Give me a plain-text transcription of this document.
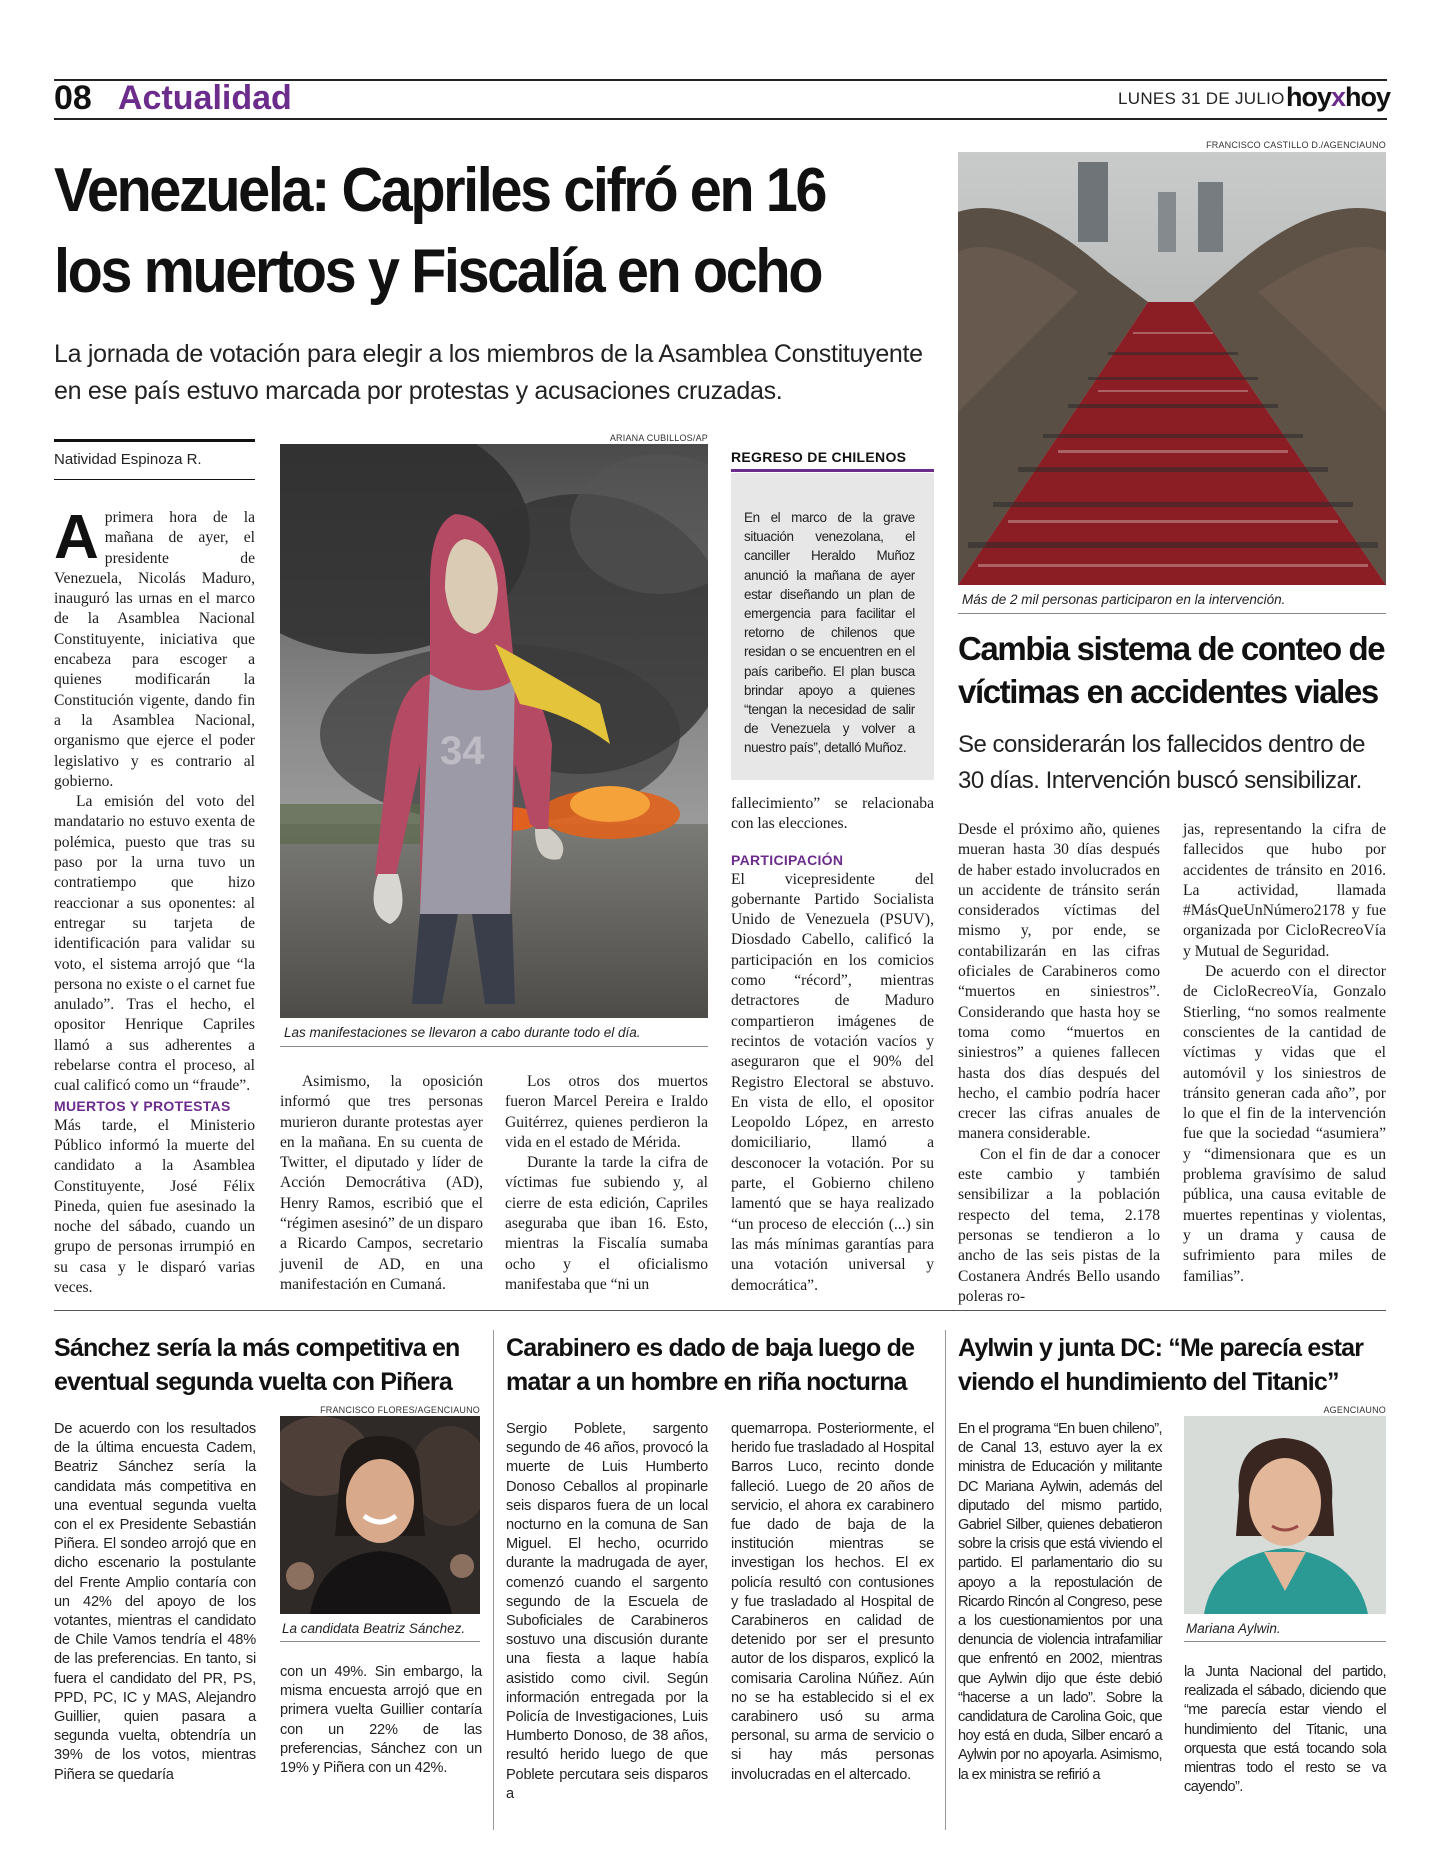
08 Actualidad	LUNES 31 DE JULIO hoyxhoy
Venezuela: Capriles cifró en 16 los muertos y Fiscalía en ocho

La jornada de votación para elegir a los miembros de la Asamblea Constituyente en ese país estuvo marcada por protestas y acusaciones cruzadas.

Natividad Espinoza R.

Aprimera hora de la mañana de ayer, el presidente de Venezuela, Nicolás Maduro, inauguró las urnas en el marco de la Asamblea Nacional Constituyente, iniciativa que encabeza para escoger a quienes modificarán la Constitución vigente, dando fin a la Asamblea Nacional, organismo que ejerce el poder legislativo y es contrario al gobierno.

La emisión del voto del mandatario no estuvo exenta de polémica, puesto que tras su paso por la urna tuvo un contratiempo que hizo reaccionar a sus oponentes: al entregar su tarjeta de identificación para validar su voto, el sistema arrojó que “la persona no existe o el carnet fue anulado”. Tras el hecho, el opositor Henrique Capriles llamó a sus adherentes a rebelarse contra el proceso, al cual calificó como un “fraude”.

MUERTOS Y PROTESTAS

Más tarde, el Ministerio Público informó la muerte del candidato a la Asamblea Constituyente, José Félix Pineda, quien fue asesinado la noche del sábado, cuando un grupo de personas irrumpió en su casa y le disparó varias veces.

ARIANA CUBILLOS/AP
34
Las manifestaciones se llevaron a cabo durante todo el día.

Asimismo, la oposición informó que tres personas murieron durante protestas ayer en la mañana. En su cuenta de Twitter, el diputado y líder de Acción Democrátiva (AD), Henry Ramos, escribió que el “régimen asesinó” de un disparo a Ricardo Campos, secretario juvenil de AD, en una manifestación en Cumaná.

Los otros dos muertos fueron Marcel Pereira e Iraldo Guitérrez, quienes perdieron la vida en el estado de Mérida.

Durante la tarde la cifra de víctimas fue subiendo y, al cierre de esta edición, Capriles aseguraba que iban 16. Esto, mientras la Fiscalía sumaba ocho y el oficialismo manifestaba que “ni un

REGRESO DE CHILENOS
En el marco de la grave situación venezolana, el canciller Heraldo Muñoz anunció la mañana de ayer estar diseñando un plan de emergencia para facilitar el retorno de chilenos que residan o se encuentren en el país caribeño. El plan busca brindar apoyo a quienes “tengan la necesidad de salir de Venezuela y volver a nuestro país”, detalló Muñoz.

fallecimiento” se relacionaba con las elecciones.

PARTICIPACIÓN

El vicepresidente del gobernante Partido Socialista Unido de Venezuela (PSUV), Diosdado Cabello, calificó la participación en los comicios como “récord”, mientras detractores de Maduro compartieron imágenes de recintos de votación vacíos y aseguraron que el 90% del Registro Electoral se abstuvo. En vista de ello, el opositor Leopoldo López, en arresto domiciliario, llamó a desconocer la votación. Por su parte, el Gobierno chileno lamentó que se haya realizado “un proceso de elección (...) sin las más mínimas garantías para una votación universal y democrática”.

FRANCISCO CASTILLO D./AGENCIAUNO
Más de 2 mil personas participaron en la intervención.
Cambia sistema de conteo de víctimas en accidentes viales

Se considerarán los fallecidos dentro de 30 días. Intervención buscó sensibilizar.

Desde el próximo año, quienes mueran hasta 30 días después de haber estado involucrados en un accidente de tránsito serán considerados víctimas del mismo y, por ende, se contabilizarán en las cifras oficiales de Carabineros como “muertos en siniestros”. Considerando que hasta hoy se toma como “muertos en siniestros” a quienes fallecen hasta dos días después del hecho, el cambio podría hacer crecer las cifras anuales de manera considerable.

Con el fin de dar a conocer este cambio y también sensibilizar a la población respecto del tema, 2.178 personas se tendieron a lo ancho de las seis pistas de la Costanera Andrés Bello usando poleras ro-

jas, representando la cifra de fallecidos que hubo por accidentes de tránsito en 2016. La actividad, llamada #MásQueUnNúmero2178 y fue organizada por CicloRecreoVía y Mutual de Seguridad.

De acuerdo con el director de CicloRecreoVía, Gonzalo Stierling, “no somos realmente conscientes de la cantidad de víctimas y vidas que el automóvil y los siniestros de tránsito generan cada año”, por lo que el fin de la intervención fue que la sociedad “asumiera” y “dimensionara que es un problema gravísimo de salud pública, una causa evitable de muertes repentinas y violentas, y un drama y causa de sufrimiento para miles de familias”.

Sánchez sería la más competitiva en eventual segunda vuelta con Piñera

De acuerdo con los resultados de la última encuesta Cadem, Beatriz Sánchez sería la candidata más competitiva en una eventual segunda vuelta con el ex Presidente Sebastián Piñera. El sondeo arrojó que en dicho escenario la postulante del Frente Amplio contaría con un 42% del apoyo de los votantes, mientras el candidato de Chile Vamos tendría el 48% de las preferencias. En tanto, si fuera el candidato del PR, PS, PPD, PC, IC y MAS, Alejandro Guillier, quien pasara a segunda vuelta, obtendría un 39% de los votos, mientras Piñera se quedaría

FRANCISCO FLORES/AGENCIAUNO
La candidata Beatriz Sánchez.

con un 49%. Sin embargo, la misma encuesta arrojó que en primera vuelta Guillier contaría con un 22% de las preferencias, Sánchez con un 19% y Piñera con un 42%.

Carabinero es dado de baja luego de matar a un hombre en riña nocturna

Sergio Poblete, sargento segundo de 46 años, provocó la muerte de Luis Humberto Donoso Ceballos al propinarle seis disparos fuera de un local nocturno en la comuna de San Miguel. El hecho, ocurrido durante la madrugada de ayer, comenzó cuando el sargento segundo de la Escuela de Suboficiales de Carabineros sostuvo una discusión durante una fiesta a laque había asistido como civil. Según información entregada por la Policía de Investigaciones, Luis Humberto Donoso, de 38 años, resultó herido luego de que Poblete percutara seis disparos a

quemarropa. Posteriormente, el herido fue trasladado al Hospital Barros Luco, recinto donde falleció. Luego de 20 años de servicio, el ahora ex carabinero fue dado de baja de la institución mientras se investigan los hechos. El ex policía resultó con contusiones y fue trasladado al Hospital de Carabineros en calidad de detenido por ser el presunto autor de los disparos, explicó la comisaria Carolina Núñez. Aún no se ha establecido si el ex carabinero usó su arma personal, su arma de servicio o si hay más personas involucradas en el altercado.

Aylwin y junta DC: “Me parecía estar viendo el hundimiento del Titanic”

En el programa “En buen chileno”, de Canal 13, estuvo ayer la ex ministra de Educación y militante DC Mariana Aylwin, además del diputado del mismo partido, Gabriel Silber, quienes debatieron sobre la crisis que está viviendo el partido. El parlamentario dio su apoyo a la repostulación de Ricardo Rincón al Congreso, pese a los cuestionamientos por una denuncia de violencia intrafamiliar que enfrentó en 2002, mientras que Aylwin dijo que éste debió “hacerse a un lado”. Sobre la candidatura de Carolina Goic, que hoy está en duda, Silber encaró a Aylwin por no apoyarla. Asimismo, la ex ministra se refirió a

AGENCIAUNO
Mariana Aylwin.

la Junta Nacional del partido, realizada el sábado, diciendo que “me parecía estar viendo el hundimiento del Titanic, una orquesta que está tocando sola mientras todo el resto se va cayendo”.
